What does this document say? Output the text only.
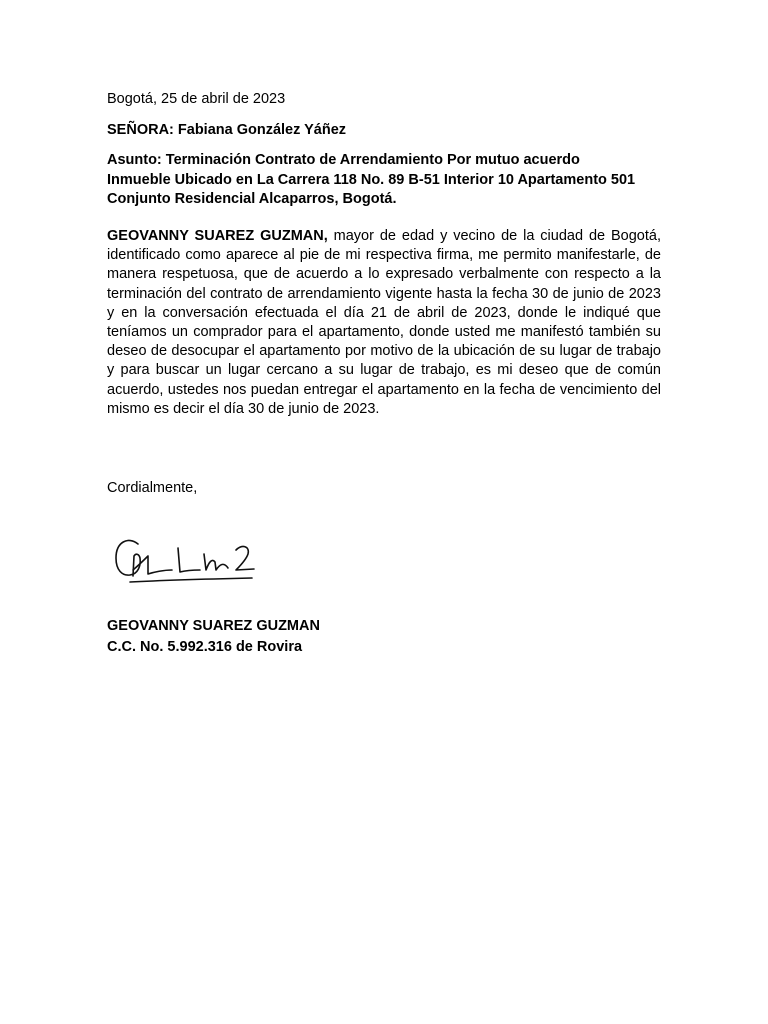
Bogotá, 25 de abril de 2023
SEÑORA: Fabiana González Yáñez
Asunto: Terminación Contrato de Arrendamiento Por mutuo acuerdo
Inmueble Ubicado en La Carrera 118 No. 89 B-51 Interior 10 Apartamento 501
Conjunto Residencial Alcaparros, Bogotá.
GEOVANNY SUAREZ GUZMAN, mayor de edad y vecino de la ciudad de Bogotá, identificado como aparece al pie de mi respectiva firma, me permito manifestarle, de manera respetuosa, que de acuerdo a lo expresado verbalmente con respecto a la terminación del contrato de arrendamiento vigente hasta la fecha 30 de junio de 2023 y en la conversación efectuada el día 21 de abril de 2023, donde le indiqué que teníamos un comprador para el apartamento, donde usted me manifestó también su deseo de desocupar el apartamento por motivo de la ubicación de su lugar de trabajo y para buscar un lugar cercano a su lugar de trabajo, es mi deseo que de común acuerdo, ustedes nos puedan entregar el apartamento en la fecha de vencimiento del mismo es decir el día 30 de junio de 2023.
Cordialmente,
GEOVANNY SUAREZ GUZMAN
C.C. No. 5.992.316 de Rovira
